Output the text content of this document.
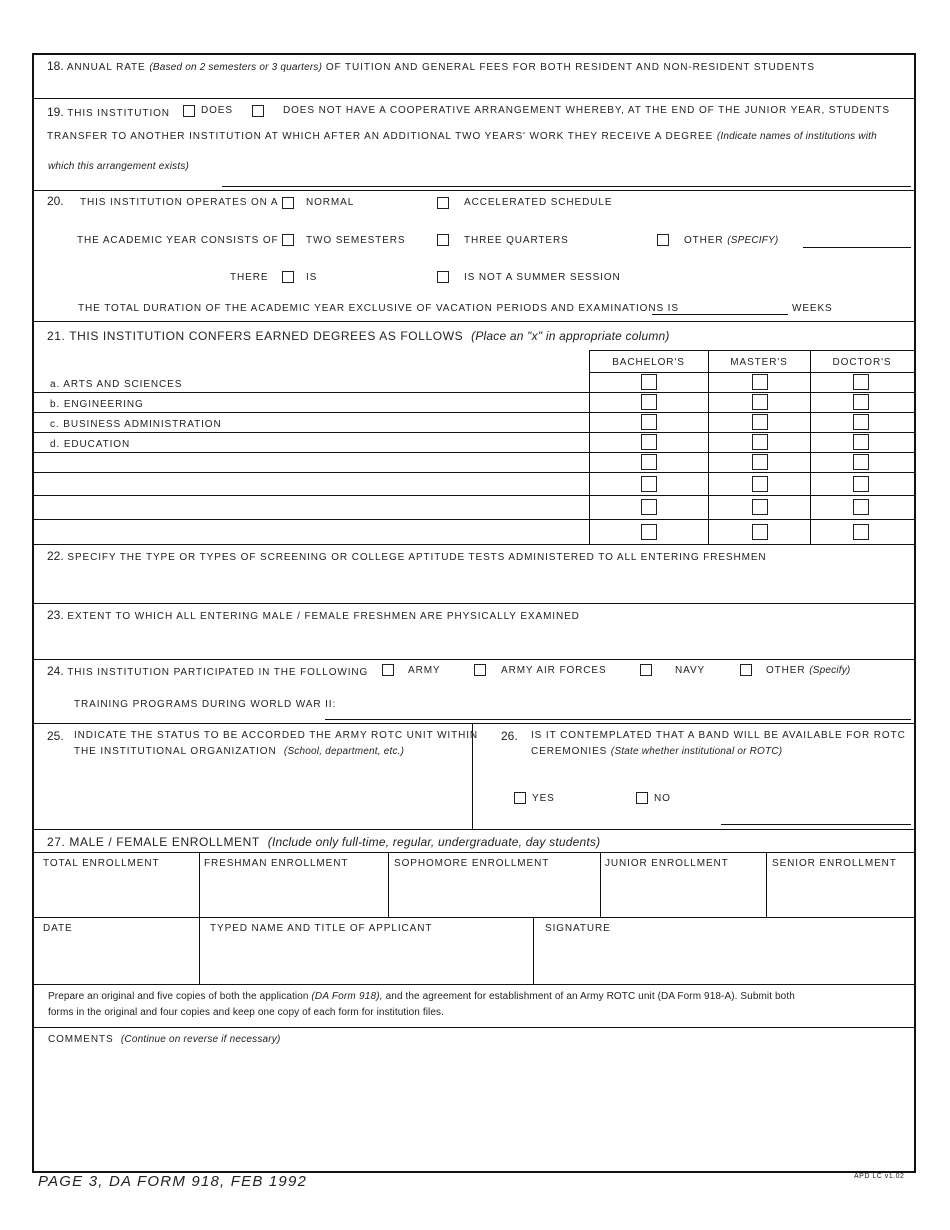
18. ANNUAL RATE (Based on 2 semesters or 3 quarters) OF TUITION AND GENERAL FEES FOR BOTH RESIDENT AND NON-RESIDENT STUDENTS
19. THIS INSTITUTION	DOES	DOES NOT HAVE A COOPERATIVE ARRANGEMENT WHEREBY, AT THE END OF THE JUNIOR YEAR, STUDENTS
TRANSFER TO ANOTHER INSTITUTION AT WHICH AFTER AN ADDITIONAL TWO YEARS' WORK THEY RECEIVE A DEGREE (Indicate names of institutions with
which this arrangement exists)
20. THIS INSTITUTION OPERATES ON A	NORMAL	ACCELERATED SCHEDULE
THE ACADEMIC YEAR CONSISTS OF	TWO SEMESTERS	THREE QUARTERS	OTHER (SPECIFY)
THERE	IS	IS NOT A SUMMER SESSION
THE TOTAL DURATION OF THE ACADEMIC YEAR EXCLUSIVE OF VACATION PERIODS AND EXAMINATIONS IS	WEEKS
21. THIS INSTITUTION CONFERS EARNED DEGREES AS FOLLOWS (Place an "x" in appropriate column)
BACHELOR'S	MASTER'S	DOCTOR'S
a. ARTS AND SCIENCES
b. ENGINEERING
c. BUSINESS ADMINISTRATION
d. EDUCATION
22. SPECIFY THE TYPE OR TYPES OF SCREENING OR COLLEGE APTITUDE TESTS ADMINISTERED TO ALL ENTERING FRESHMEN
23. EXTENT TO WHICH ALL ENTERING MALE / FEMALE FRESHMEN ARE PHYSICALLY EXAMINED
24. THIS INSTITUTION PARTICIPATED IN THE FOLLOWING	ARMY	ARMY AIR FORCES	NAVY	OTHER (Specify)
TRAINING PROGRAMS DURING WORLD WAR II:
25. INDICATE THE STATUS TO BE ACCORDED THE ARMY ROTC UNIT WITHIN
THE INSTITUTIONAL ORGANIZATION (School, department, etc.)
26. IS IT CONTEMPLATED THAT A BAND WILL BE AVAILABLE FOR ROTC
CEREMONIES (State whether institutional or ROTC)
YES	NO
27. MALE / FEMALE ENROLLMENT (Include only full-time, regular, undergraduate, day students)
TOTAL ENROLLMENT	FRESHMAN ENROLLMENT	SOPHOMORE ENROLLMENT	JUNIOR ENROLLMENT	SENIOR ENROLLMENT
DATE	TYPED NAME AND TITLE OF APPLICANT	SIGNATURE
Prepare an original and five copies of both the application (DA Form 918), and the agreement for establishment of an Army ROTC unit (DA Form 918-A). Submit both
forms in the original and four copies and keep one copy of each form for institution files.
COMMENTS (Continue on reverse if necessary)
PAGE 3, DA FORM 918, FEB 1992	APD LC v1.02
